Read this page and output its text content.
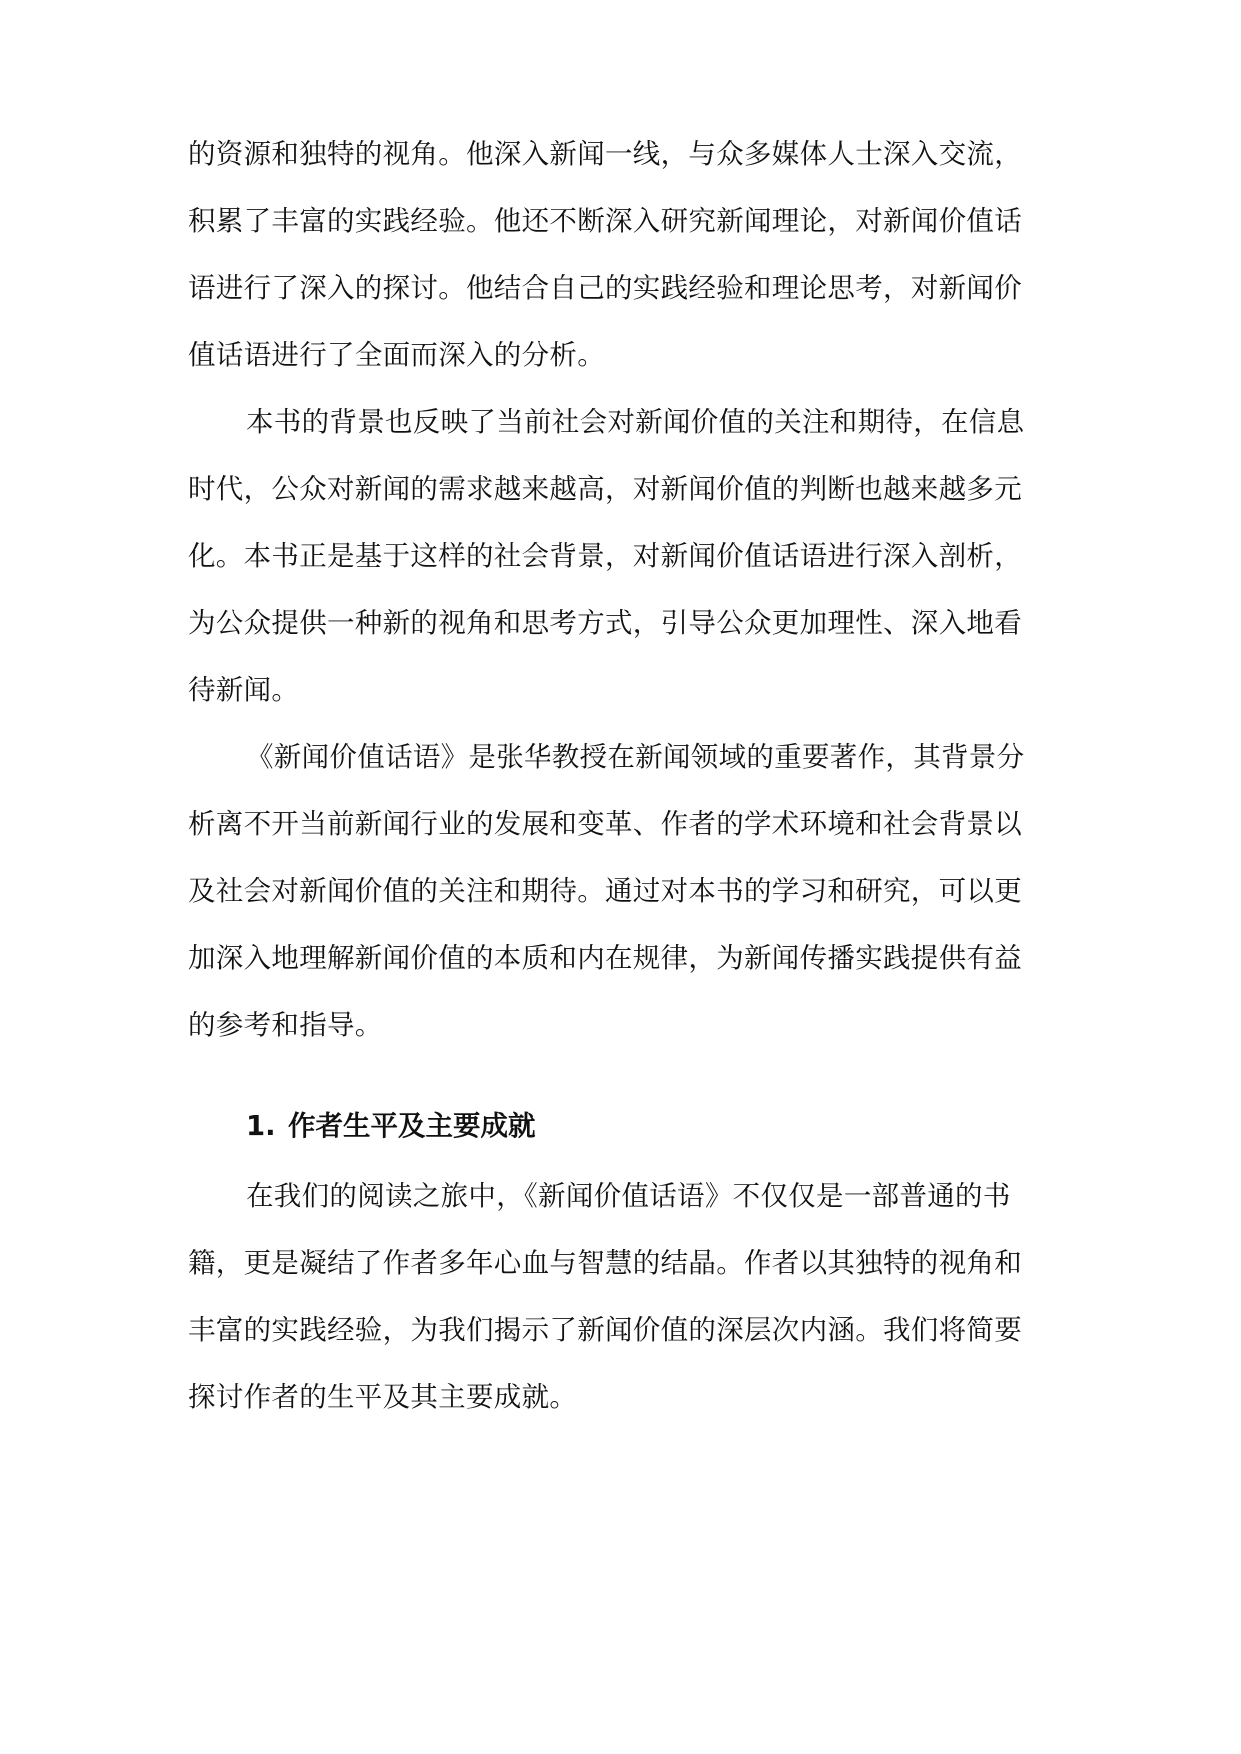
的资源和独特的视角。他深入新闻一线，与众多媒体人士深入交流，
积累了丰富的实践经验。他还不断深入研究新闻理论，对新闻价值话
语进行了深入的探讨。他结合自己的实践经验和理论思考，对新闻价
值话语进行了全面而深入的分析。
本书的背景也反映了当前社会对新闻价值的关注和期待，在信息
时代，公众对新闻的需求越来越高，对新闻价值的判断也越来越多元
化。本书正是基于这样的社会背景，对新闻价值话语进行深入剖析，
为公众提供一种新的视角和思考方式，引导公众更加理性、深入地看
待新闻。
《新闻价值话语》是张华教授在新闻领域的重要著作，其背景分
析离不开当前新闻行业的发展和变革、作者的学术环境和社会背景以
及社会对新闻价值的关注和期待。通过对本书的学习和研究，可以更
加深入地理解新闻价值的本质和内在规律，为新闻传播实践提供有益
的参考和指导。
1. 作者生平及主要成就
在我们的阅读之旅中，《新闻价值话语》不仅仅是一部普通的书
籍，更是凝结了作者多年心血与智慧的结晶。作者以其独特的视角和
丰富的实践经验，为我们揭示了新闻价值的深层次内涵。我们将简要
探讨作者的生平及其主要成就。
